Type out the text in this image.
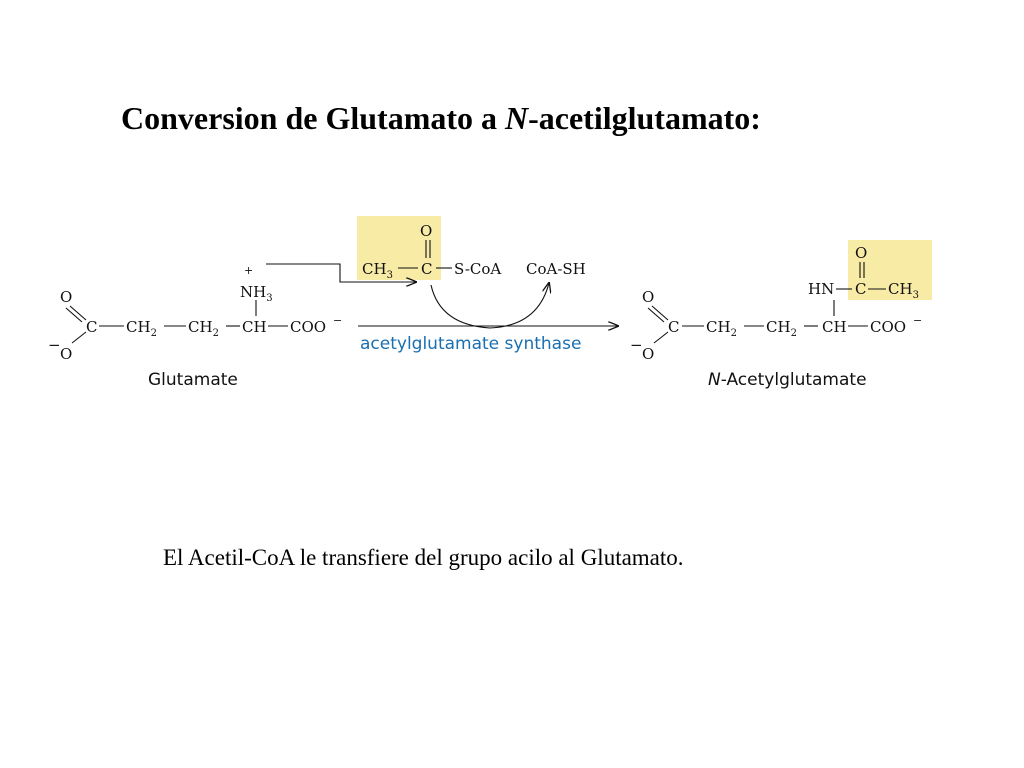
Conversion de Glutamato a N-acetilglutamato:
O
C
− O
$CH_2$ $CH_2$ CH COO −
$NH_3$
+
Glutamate
O
$CH_3$ C S-CoA CoA-SH
acetylglutamate synthase
O
C
− O
$CH_2$ $CH_2$ CH COO −
HN C $CH_3$
O
N-Acetylglutamate
El Acetil-CoA le transfiere del grupo acilo al Glutamato.
